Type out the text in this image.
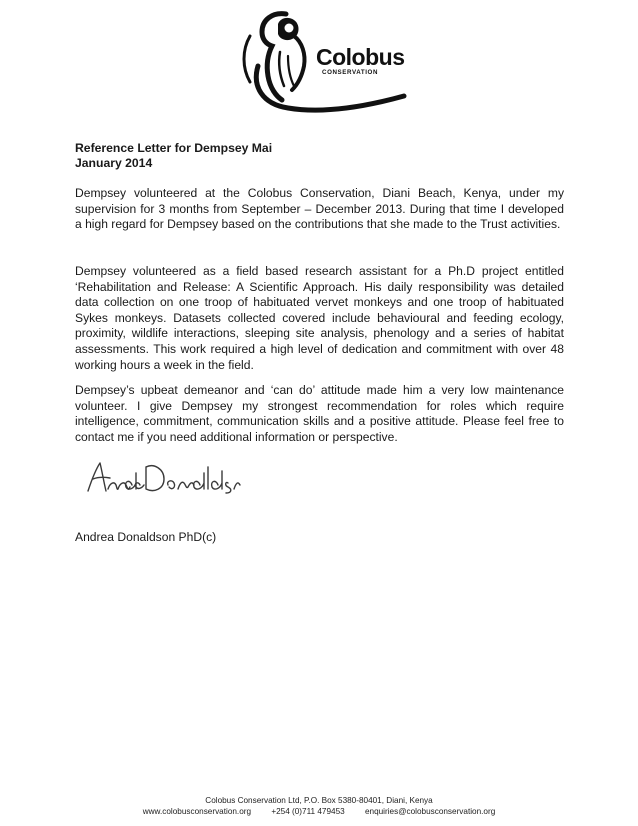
Colobus
CONSERVATION
Reference Letter for Dempsey Mai
January 2014

Dempsey volunteered at the Colobus Conservation, Diani Beach, Kenya, under my supervision for 3 months from September – December 2013. During that time I developed a high regard for Dempsey based on the contributions that she made to the Trust activities.

Dempsey volunteered as a field based research assistant for a Ph.D project entitled ‘Rehabilitation and Release: A Scientific Approach. His daily responsibility was detailed data collection on one troop of habituated vervet monkeys and one troop of habituated Sykes monkeys. Datasets collected covered include behavioural and feeding ecology, proximity, wildlife interactions, sleeping site analysis, phenology and a series of habitat assessments. This work required a high level of dedication and commitment with over 48 working hours a week in the field.

Dempsey’s upbeat demeanor and ‘can do’ attitude made him a very low maintenance volunteer. I give Dempsey my strongest recommendation for roles which require intelligence, commitment, communication skills and a positive attitude. Please feel free to contact me if you need additional information or perspective.

Andrea Donaldson PhD(c)
Colobus Conservation Ltd, P.O. Box 5380-80401, Diani, Kenya
www.colobusconservation.org +254 (0)711 479453 enquiries@colobusconservation.org
